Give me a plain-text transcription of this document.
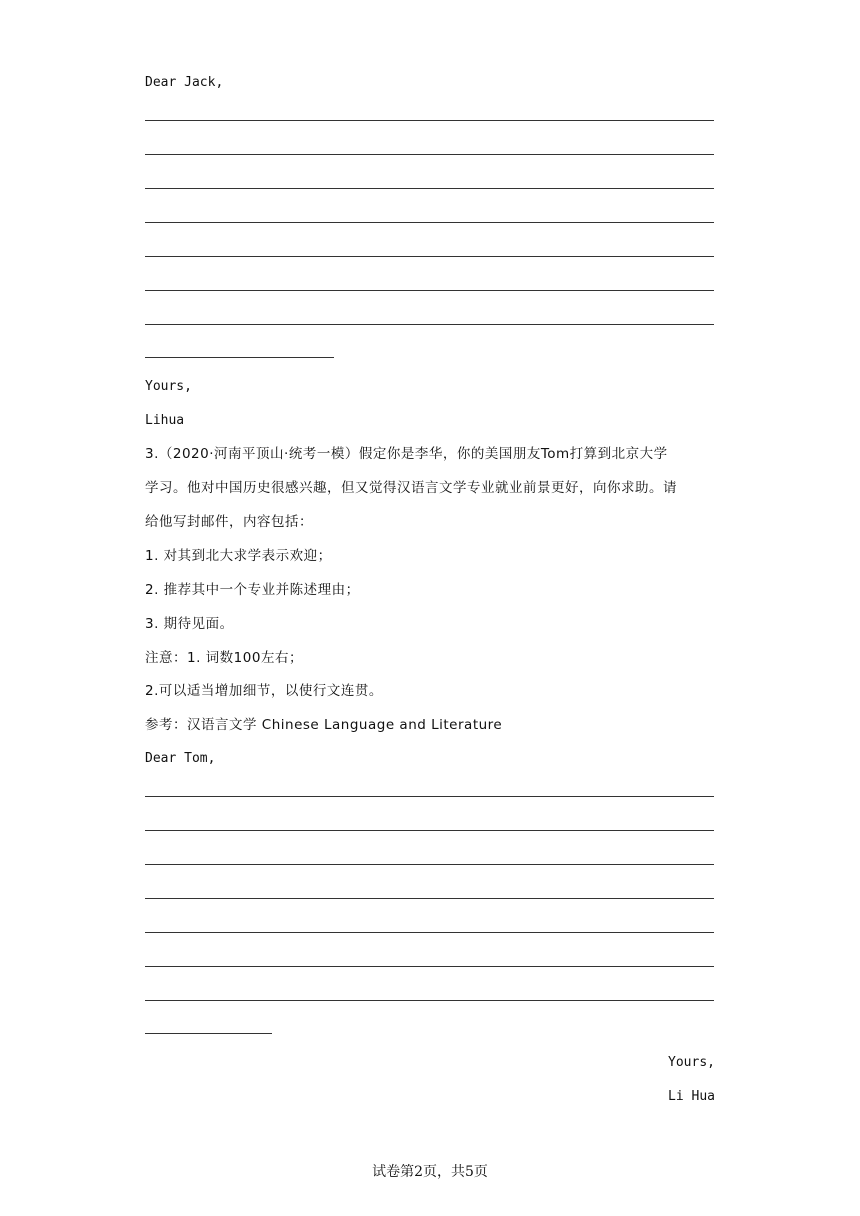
Dear Jack,
Yours,
Lihua
3.（2020·河南平顶山·统考一模）假定你是李华，你的美国朋友Tom打算到北京大学
学习。他对中国历史很感兴趣，但又觉得汉语言文学专业就业前景更好，向你求助。请
给他写封邮件，内容包括：
1. 对其到北大求学表示欢迎；
2. 推荐其中一个专业并陈述理由；
3. 期待见面。
注意：1. 词数100左右；
2.可以适当增加细节，以使行文连贯。
参考：汉语言文学 Chinese Language and Literature
Dear Tom,
Yours,
Li Hua
试卷第2页，共5页
